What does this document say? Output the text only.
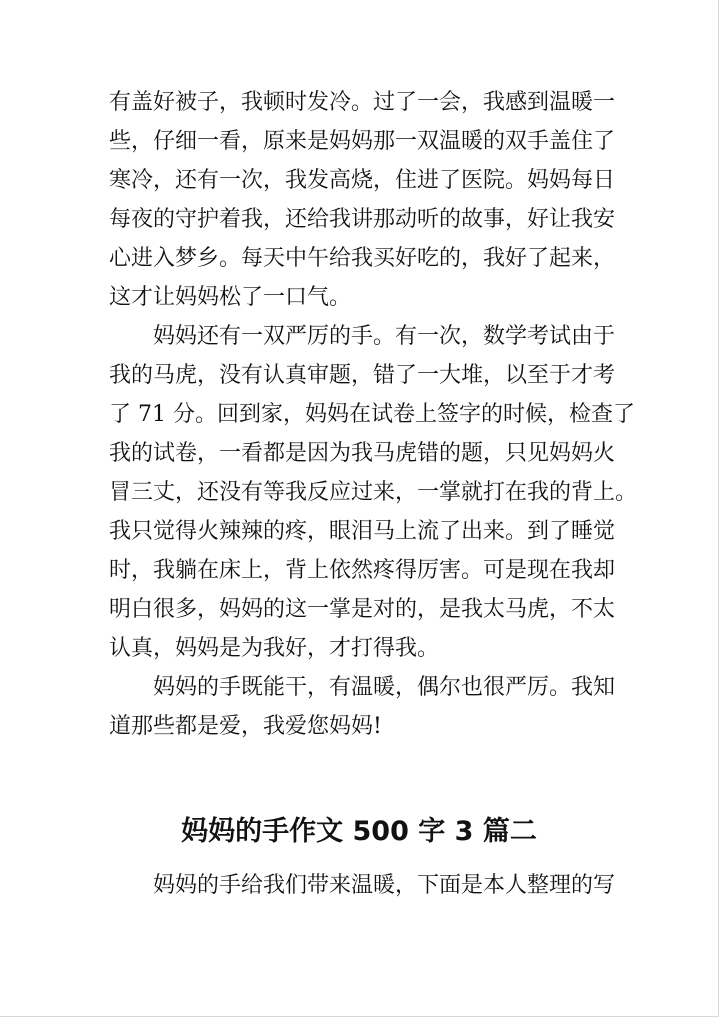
有盖好被子，我顿时发冷。过了一会，我感到温暖一
些，仔细一看，原来是妈妈那一双温暖的双手盖住了
寒冷，还有一次，我发高烧，住进了医院。妈妈每日
每夜的守护着我，还给我讲那动听的故事，好让我安
心进入梦乡。每天中午给我买好吃的，我好了起来，
这才让妈妈松了一口气。
妈妈还有一双严厉的手。有一次，数学考试由于
我的马虎，没有认真审题，错了一大堆，以至于才考
了 71 分。回到家，妈妈在试卷上签字的时候，检查了
我的试卷，一看都是因为我马虎错的题，只见妈妈火
冒三丈，还没有等我反应过来，一掌就打在我的背上。
我只觉得火辣辣的疼，眼泪马上流了出来。到了睡觉
时，我躺在床上，背上依然疼得厉害。可是现在我却
明白很多，妈妈的这一掌是对的，是我太马虎，不太
认真，妈妈是为我好，才打得我。
妈妈的手既能干，有温暖，偶尔也很严厉。我知
道那些都是爱，我爱您妈妈!
妈妈的手作文 500 字 3 篇二
妈妈的手给我们带来温暖，下面是本人整理的写
